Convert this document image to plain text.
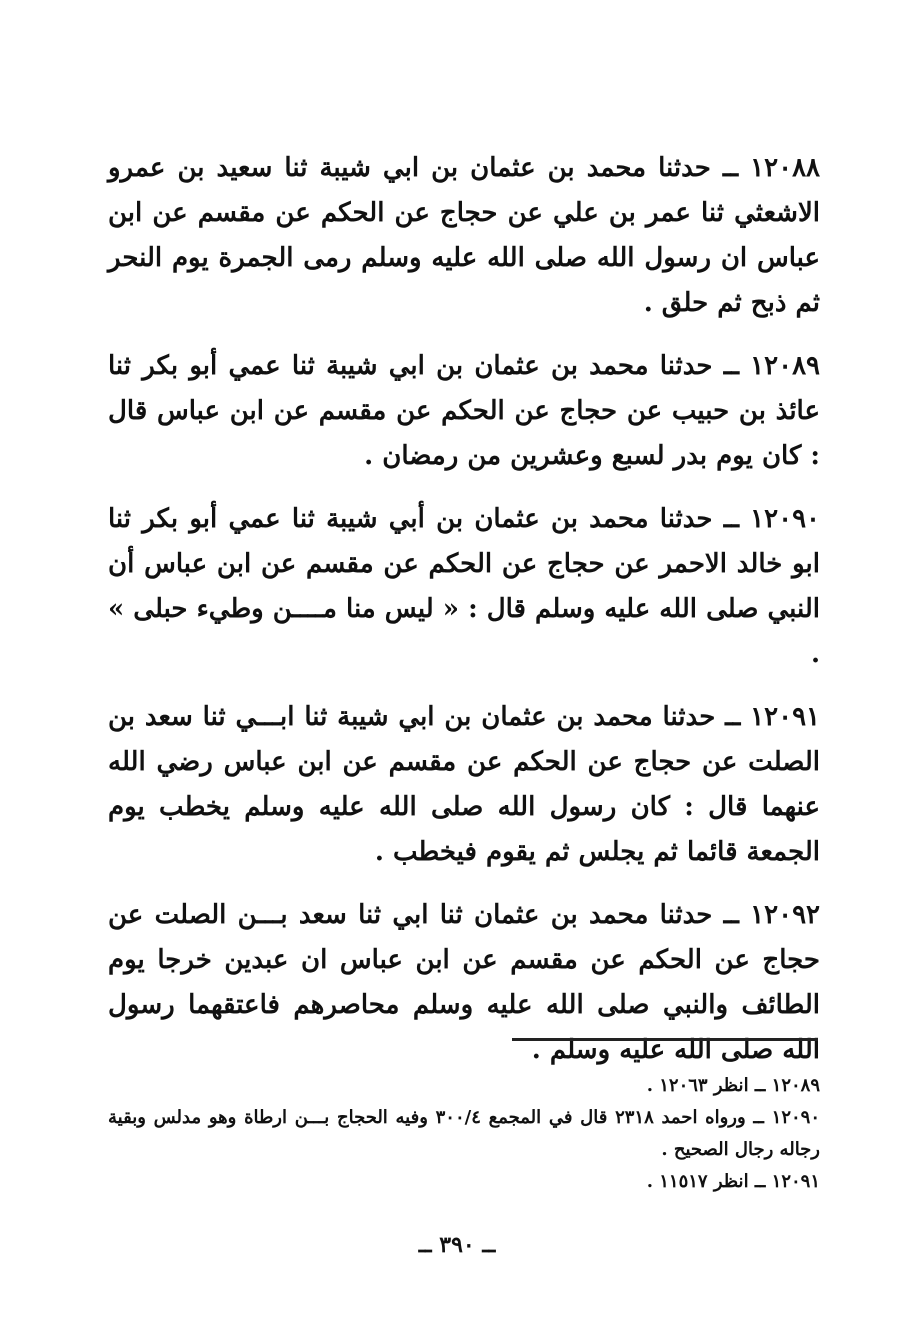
١٢٠٨٨ ــ حدثنا محمد بن عثمان بن ابي شيبة ثنا سعيد بن عمرو الاشعثي ثنا عمر بن علي عن حجاج عن الحكم عن مقسم عن ابن عباس ان رسول الله صلى الله عليه وسلم رمى الجمرة يوم النحر ثم ذبح ثم حلق .

١٢٠٨٩ ــ حدثنا محمد بن عثمان بن ابي شيبة ثنا عمي أبو بكر ثنا عائذ بن حبيب عن حجاج عن الحكم عن مقسم عن ابن عباس قال : كان يوم بدر لسبع وعشرين من رمضان .

١٢٠٩٠ ــ حدثنا محمد بن عثمان بن أبي شيبة ثنا عمي أبو بكر ثنا ابو خالد الاحمر عن حجاج عن الحكم عن مقسم عن ابن عباس أن النبي صلى الله عليه وسلم قال : « ليس منا مــــن وطيء حبلى » .

١٢٠٩١ ــ حدثنا محمد بن عثمان بن ابي شيبة ثنا ابـــي ثنا سعد بن الصلت عن حجاج عن الحكم عن مقسم عن ابن عباس رضي الله عنهما قال : كان رسول الله صلى الله عليه وسلم يخطب يوم الجمعة قائما ثم يجلس ثم يقوم فيخطب .

١٢٠٩٢ ــ حدثنا محمد بن عثمان ثنا ابي ثنا سعد بـــن الصلت عن حجاج عن الحكم عن مقسم عن ابن عباس ان عبدين خرجا يوم الطائف والنبي صلى الله عليه وسلم محاصرهم فاعتقهما رسول الله صلى الله عليه وسلم .

١٢٠٨٩ ــ انظر ١٢٠٦٣ .

١٢٠٩٠ ــ ورواه احمد ٢٣١٨ قال في المجمع ٣٠٠/٤ وفيه الحجاج بـــن ارطاة وهو مدلس وبقية رجاله رجال الصحيح .

١٢٠٩١ ــ انظر ١١٥١٧ .

ــ ٣٩٠ ــ
